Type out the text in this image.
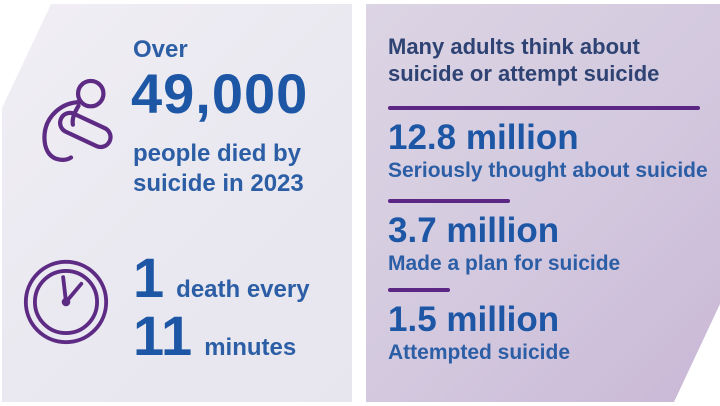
Over
49,000
people died by
suicide in 2023
1 death every
11 minutes
Many adults think about
suicide or attempt suicide
12.8 million
Seriously thought about suicide
3.7 million
Made a plan for suicide
1.5 million
Attempted suicide
